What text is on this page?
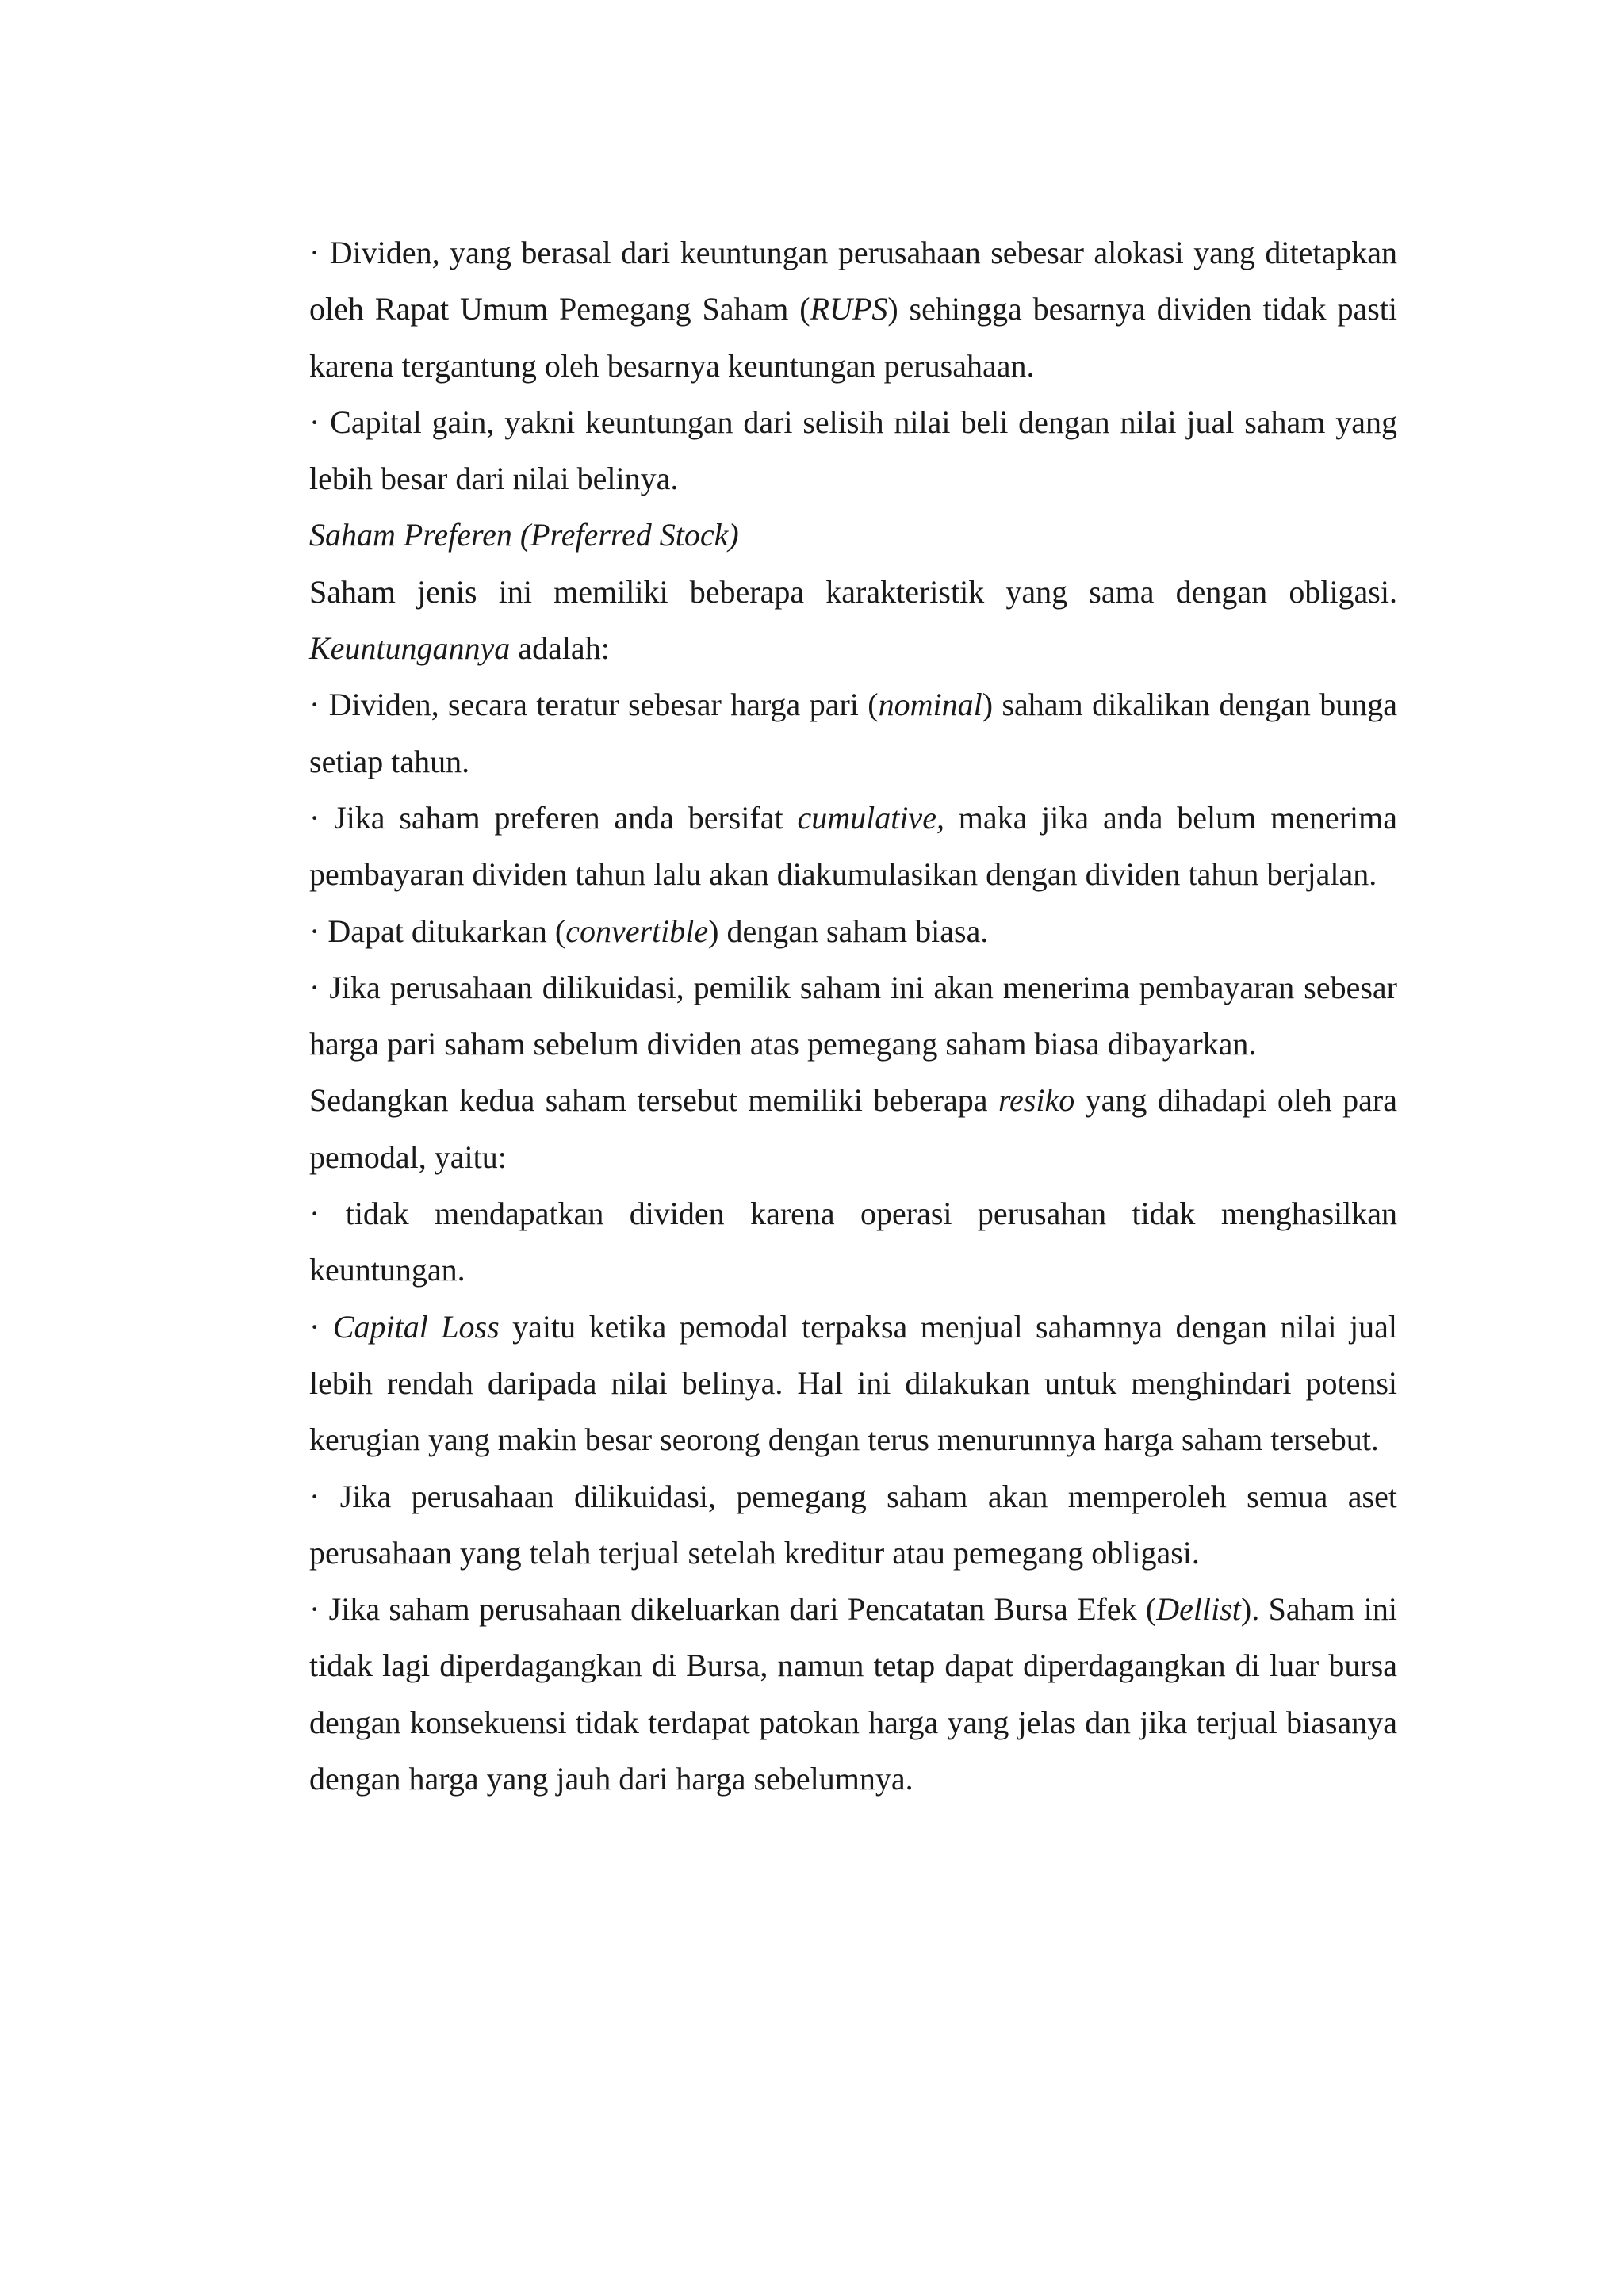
· Dividen, yang berasal dari keuntungan perusahaan sebesar alokasi yang ditetapkan oleh Rapat Umum Pemegang Saham (RUPS) sehingga besarnya dividen tidak pasti karena tergantung oleh besarnya keuntungan perusahaan.

· Capital gain, yakni keuntungan dari selisih nilai beli dengan nilai jual saham yang lebih besar dari nilai belinya.

Saham Preferen (Preferred Stock)

Saham jenis ini memiliki beberapa karakteristik yang sama dengan obligasi. Keuntungannya adalah:

· Dividen, secara teratur sebesar harga pari (nominal) saham dikalikan dengan bunga setiap tahun.

· Jika saham preferen anda bersifat cumulative, maka jika anda belum menerima pembayaran dividen tahun lalu akan diakumulasikan dengan dividen tahun berjalan.

· Dapat ditukarkan (convertible) dengan saham biasa.

· Jika perusahaan dilikuidasi, pemilik saham ini akan menerima pembayaran sebesar harga pari saham sebelum dividen atas pemegang saham biasa dibayarkan.

Sedangkan kedua saham tersebut memiliki beberapa resiko yang dihadapi oleh para pemodal, yaitu:

· tidak mendapatkan dividen karena operasi perusahan tidak menghasilkan keuntungan.

· Capital Loss yaitu ketika pemodal terpaksa menjual sahamnya dengan nilai jual lebih rendah daripada nilai belinya. Hal ini dilakukan untuk menghindari potensi kerugian yang makin besar seorong dengan terus menurunnya harga saham tersebut.

· Jika perusahaan dilikuidasi, pemegang saham akan memperoleh semua aset perusahaan yang telah terjual setelah kreditur atau pemegang obligasi.

· Jika saham perusahaan dikeluarkan dari Pencatatan Bursa Efek (Dellist). Saham ini tidak lagi diperdagangkan di Bursa, namun tetap dapat diperdagangkan di luar bursa dengan konsekuensi tidak terdapat patokan harga yang jelas dan jika terjual biasanya dengan harga yang jauh dari harga sebelumnya.
